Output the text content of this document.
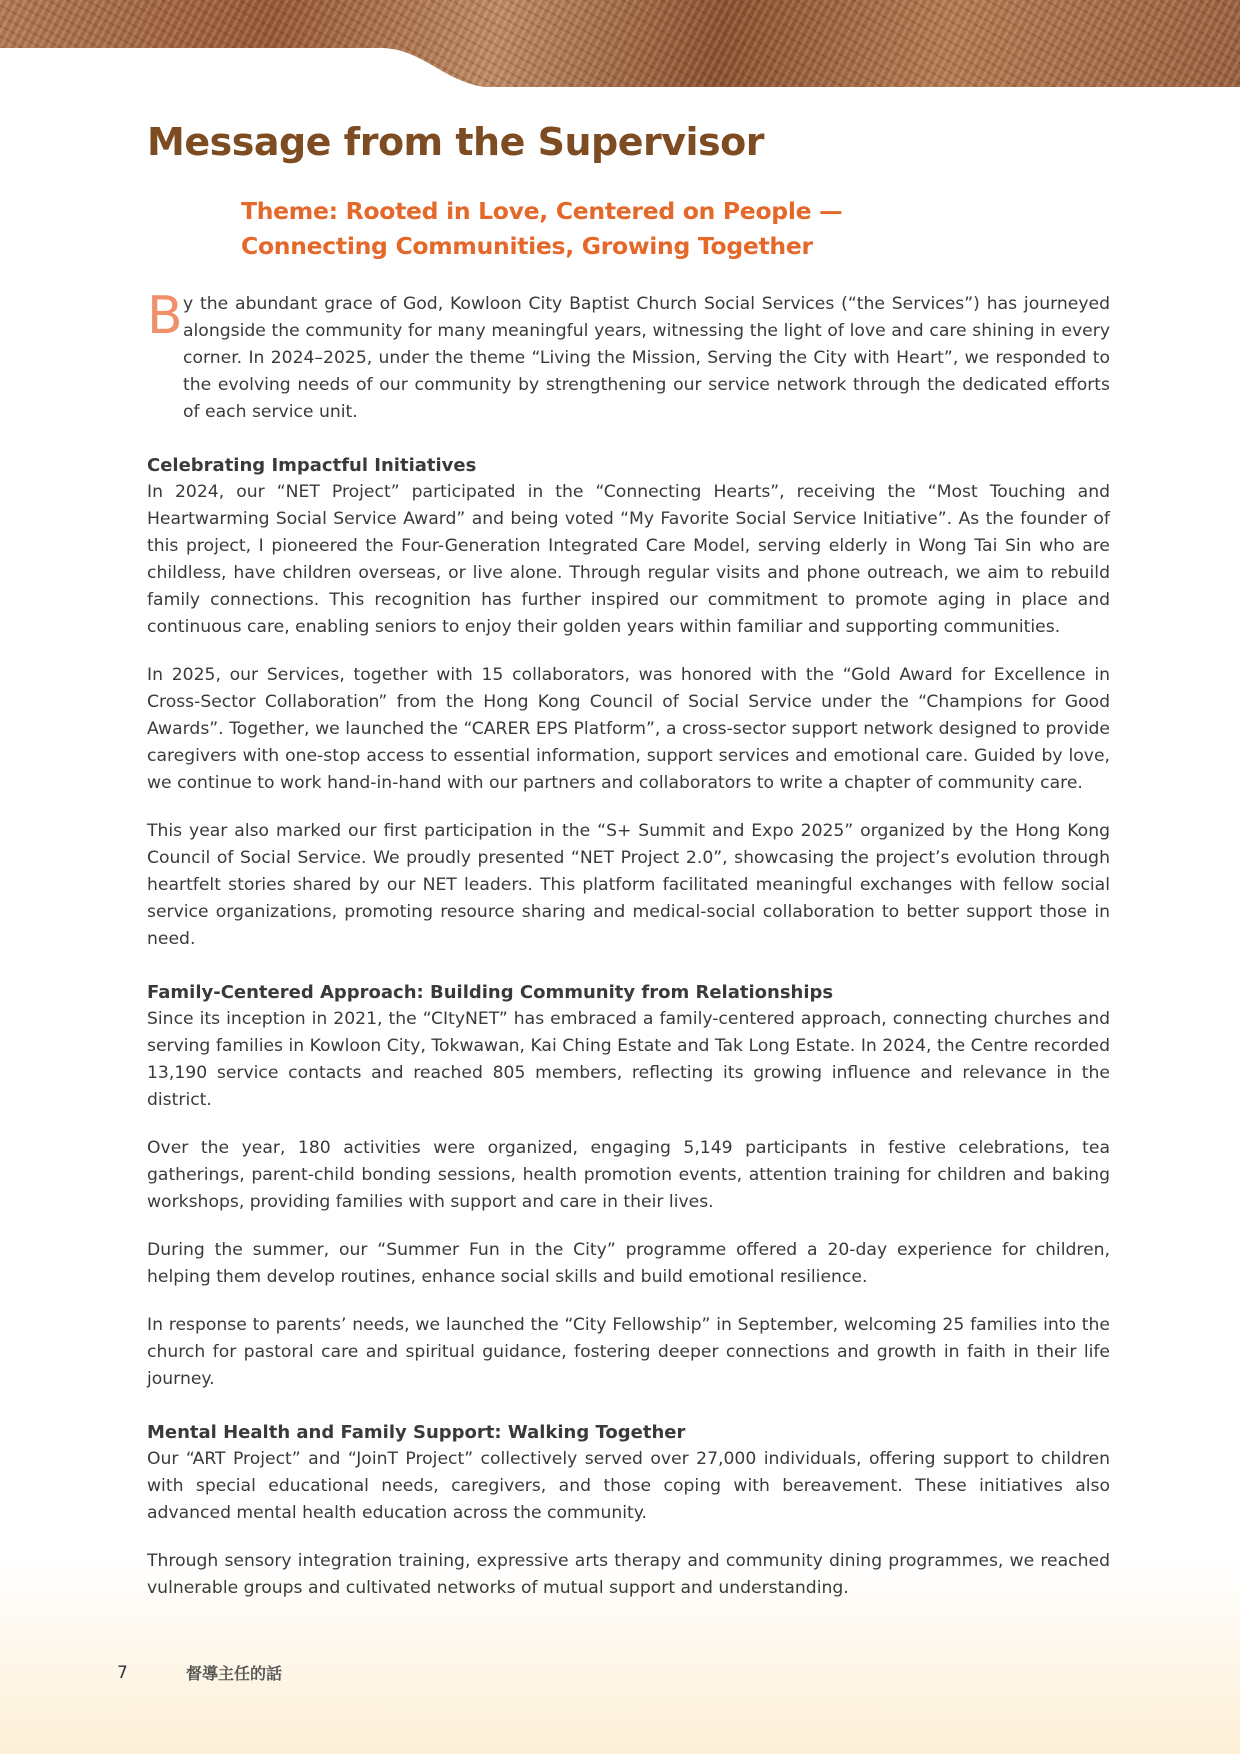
Message from the Supervisor
Theme: Rooted in Love, Centered on People —
Connecting Communities, Growing Together

B y the abundant grace of God, Kowloon City Baptist Church Social Services (“the Services”) has journeyed alongside the community for many meaningful years, witnessing the light of love and care shining in every corner. In 2024–2025, under the theme “Living the Mission, Serving the City with Heart”, we responded to the evolving needs of our community by strengthening our service network through the dedicated efforts of each service unit.

Celebrating Impactful Initiatives

In 2024, our “NET Project” participated in the “Connecting Hearts”, receiving the “Most Touching and Heartwarming Social Service Award” and being voted “My Favorite Social Service Initiative”. As the founder of this project, I pioneered the Four-Generation Integrated Care Model, serving elderly in Wong Tai Sin who are childless, have children overseas, or live alone. Through regular visits and phone outreach, we aim to rebuild family connections. This recognition has further inspired our commitment to promote aging in place and continuous care, enabling seniors to enjoy their golden years within familiar and supporting communities.

In 2025, our Services, together with 15 collaborators, was honored with the “Gold Award for Excellence in Cross-Sector Collaboration” from the Hong Kong Council of Social Service under the “Champions for Good Awards”. Together, we launched the “CARER EPS Platform”, a cross-sector support network designed to provide caregivers with one-stop access to essential information, support services and emotional care. Guided by love, we continue to work hand-in-hand with our partners and collaborators to write a chapter of community care.

This year also marked our first participation in the “S+ Summit and Expo 2025” organized by the Hong Kong Council of Social Service. We proudly presented “NET Project 2.0”, showcasing the project’s evolution through heartfelt stories shared by our NET leaders. This platform facilitated meaningful exchanges with fellow social service organizations, promoting resource sharing and medical-social collaboration to better support those in need.

Family-Centered Approach: Building Community from Relationships

Since its inception in 2021, the “CItyNET” has embraced a family-centered approach, connecting churches and serving families in Kowloon City, Tokwawan, Kai Ching Estate and Tak Long Estate. In 2024, the Centre recorded 13,190 service contacts and reached 805 members, reflecting its growing influence and relevance in the district.

Over the year, 180 activities were organized, engaging 5,149 participants in festive celebrations, tea gatherings, parent-child bonding sessions, health promotion events, attention training for children and baking workshops, providing families with support and care in their lives.

During the summer, our “Summer Fun in the City” programme offered a 20-day experience for children, helping them develop routines, enhance social skills and build emotional resilience.

In response to parents’ needs, we launched the “City Fellowship” in September, welcoming 25 families into the church for pastoral care and spiritual guidance, fostering deeper connections and growth in faith in their life journey.

Mental Health and Family Support: Walking Together

Our “ART Project” and “JoinT Project” collectively served over 27,000 individuals, offering support to children with special educational needs, caregivers, and those coping with bereavement. These initiatives also advanced mental health education across the community.

Through sensory integration training, expressive arts therapy and community dining programmes, we reached vulnerable groups and cultivated networks of mutual support and understanding.

7	督導主任的話
